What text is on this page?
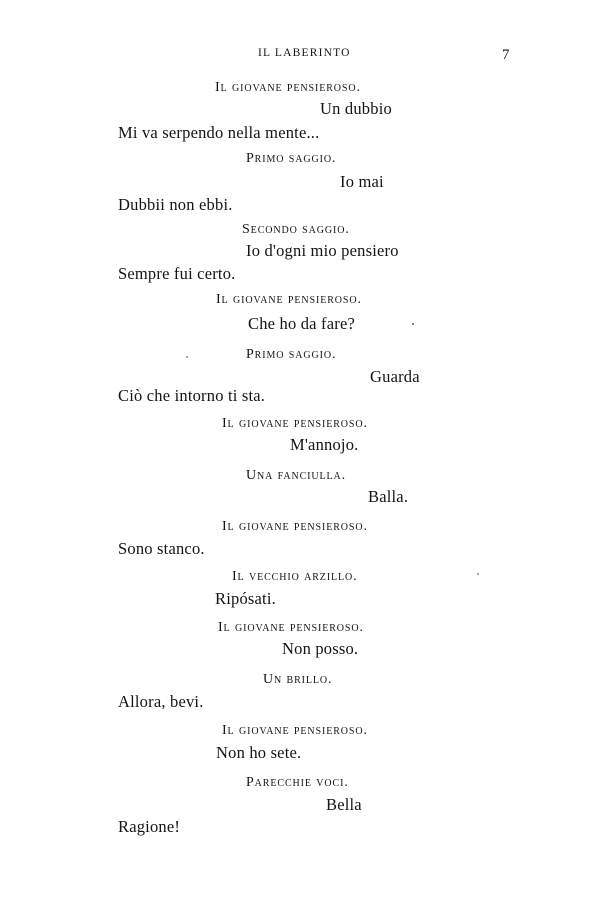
IL LABERINTO	7
Il giovane pensieroso.
Un dubbio
Mi va serpendo nella mente...
Primo saggio.
Io mai
Dubbii non ebbi.
Secondo saggio.
Io d'ogni mio pensiero
Sempre fui certo.
Il giovane pensieroso.
Che ho da fare?
Primo saggio.
Guarda
Ciò che intorno ti sta.
Il giovane pensieroso.
M'annojo.
Una fanciulla.
Balla.
Il giovane pensieroso.
Sono stanco.
Il vecchio arzillo.
Ripósati.
Il giovane pensieroso.
Non posso.
Un brillo.
Allora, bevi.
Il giovane pensieroso.
Non ho sete.
Parecchie voci.
Bella
Ragione!
